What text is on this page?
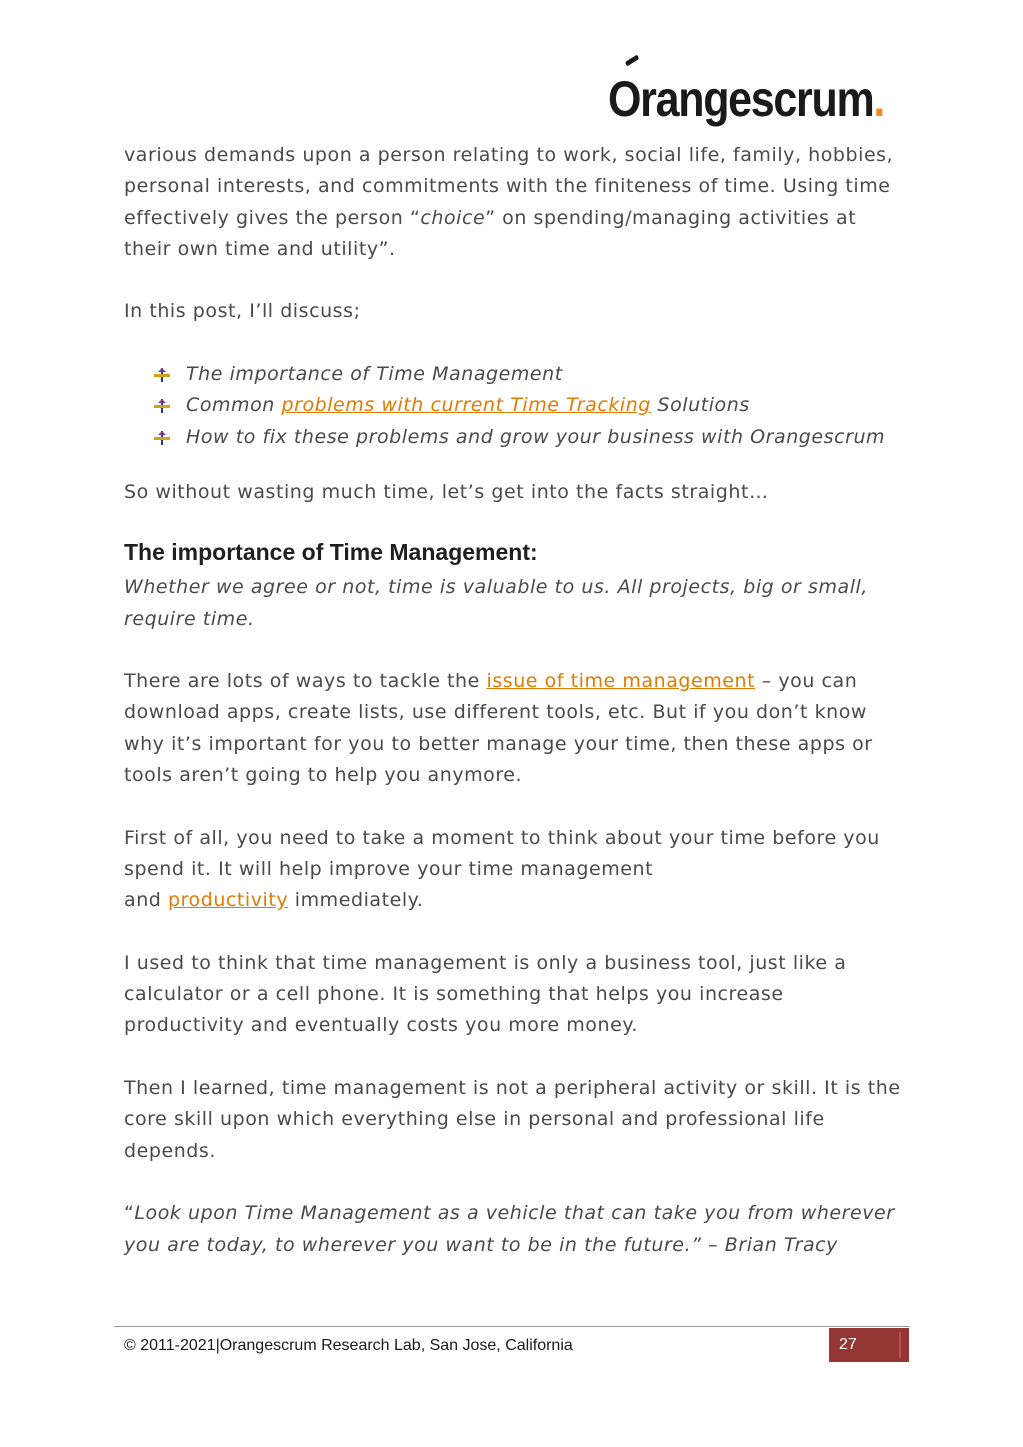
Orangescrum.

various demands upon a person relating to work, social life, family, hobbies, personal interests, and commitments with the finiteness of time. Using time effectively gives the person “choice” on spending/managing activities at their own time and utility”.

In this post, I’ll discuss;

The importance of Time Management
Common problems with current Time Tracking Solutions
How to fix these problems and grow your business with Orangescrum

So without wasting much time, let’s get into the facts straight…

The importance of Time Management:

Whether we agree or not, time is valuable to us. All projects, big or small, require time.

There are lots of ways to tackle the issue of time management – you can download apps, create lists, use different tools, etc. But if you don’t know why it’s important for you to better manage your time, then these apps or tools aren’t going to help you anymore.

First of all, you need to take a moment to think about your time before you spend it. It will help improve your time management
and productivity immediately.

I used to think that time management is only a business tool, just like a calculator or a cell phone. It is something that helps you increase productivity and eventually costs you more money.

Then I learned, time management is not a peripheral activity or skill. It is the core skill upon which everything else in personal and professional life depends.

“Look upon Time Management as a vehicle that can take you from wherever you are today, to wherever you want to be in the future.” – Brian Tracy

© 2011-2021|Orangescrum Research Lab, San Jose, California	27
